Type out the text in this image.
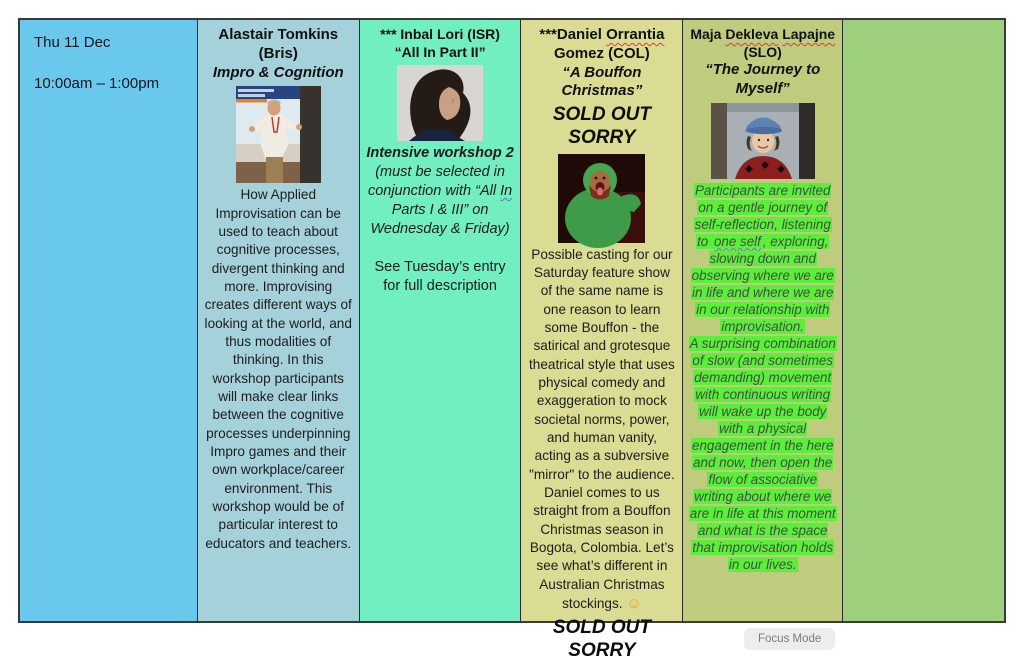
Thu 11 Dec
10:00am – 1:00pm
Alastair Tomkins
(Bris)
Impro & Cognition
How Applied Improvisation can be used to teach about cognitive processes, divergent thinking and more. Improvising creates different ways of looking at the world, and thus modalities of thinking. In this workshop participants will make clear links between the cognitive processes underpinning Impro games and their own workplace/career environment. This workshop would be of particular interest to educators and teachers.
*** Inbal Lori (ISR)
“All In Part II”
Intensive workshop 2
(must be selected in conjunction with “All In Parts I & III” on Wednesday & Friday)
See Tuesday’s entry for full description
***Daniel Orrantia
Gomez (COL)
“A Bouffon Christmas”
SOLD OUT SORRY

Possible casting for our Saturday feature show of the same name is one reason to learn some Bouffon - the satirical and grotesque theatrical style that uses physical comedy and exaggeration to mock societal norms, power, and human vanity, acting as a subversive "mirror" to the audience.

Daniel comes to us straight from a Bouffon Christmas season in Bogota, Colombia. Let’s see what’s different in Australian Christmas stockings. ☺

SOLD OUT SORRY
Maja Dekleva Lapajne
(SLO)
“The Journey to Myself”
Participants are invited on a gentle journey of self-reflection, listening to one self , exploring, slowing down and observing where we are in life and where we are in our relationship with improvisation.
A surprising combination of slow (and sometimes demanding) movement with continuous writing will wake up the body with a physical engagement in the here and now, then open the flow of associative writing about where we are in life at this moment and what is the space that improvisation holds in our lives.
Focus Mode
